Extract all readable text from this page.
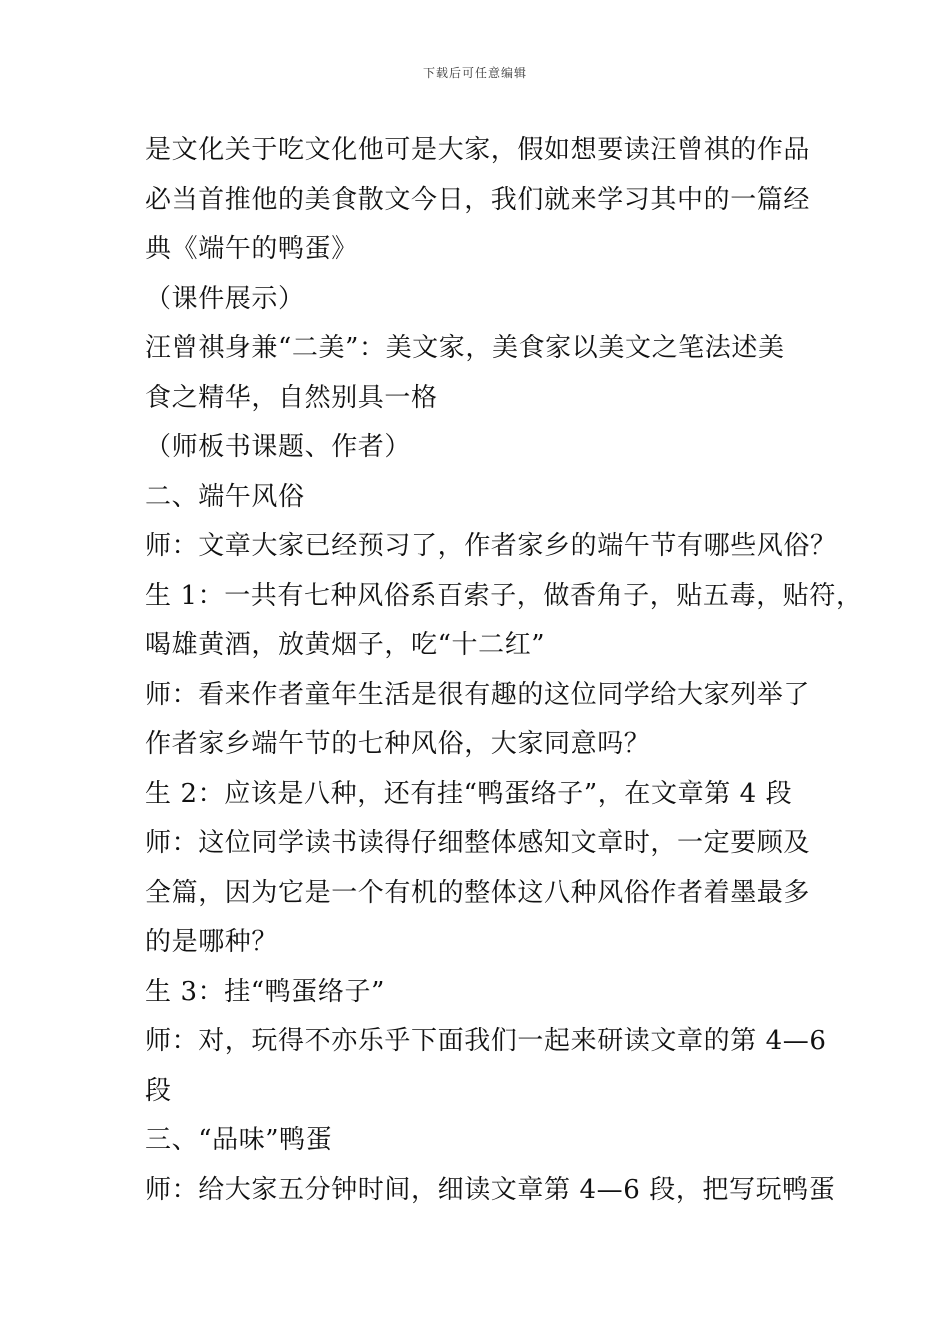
下载后可任意编辑
是文化关于吃文化他可是大家，假如想要读汪曾祺的作品
必当首推他的美食散文今日，我们就来学习其中的一篇经
典《端午的鸭蛋》
（课件展示）
汪曾祺身兼“二美”：美文家，美食家以美文之笔法述美
食之精华，自然别具一格
（师板书课题、作者）
二、端午风俗
师：文章大家已经预习了，作者家乡的端午节有哪些风俗？
生 1：一共有七种风俗系百索子，做香角子，贴五毒，贴符，
喝雄黄酒，放黄烟子，吃“十二红”
师：看来作者童年生活是很有趣的这位同学给大家列举了
作者家乡端午节的七种风俗，大家同意吗？
生 2：应该是八种，还有挂“鸭蛋络子”，在文章第 4 段
师：这位同学读书读得仔细整体感知文章时，一定要顾及
全篇，因为它是一个有机的整体这八种风俗作者着墨最多
的是哪种？
生 3：挂“鸭蛋络子”
师：对，玩得不亦乐乎下面我们一起来研读文章的第 4—6
段
三、“品味”鸭蛋
师：给大家五分钟时间，细读文章第 4—6 段，把写玩鸭蛋
